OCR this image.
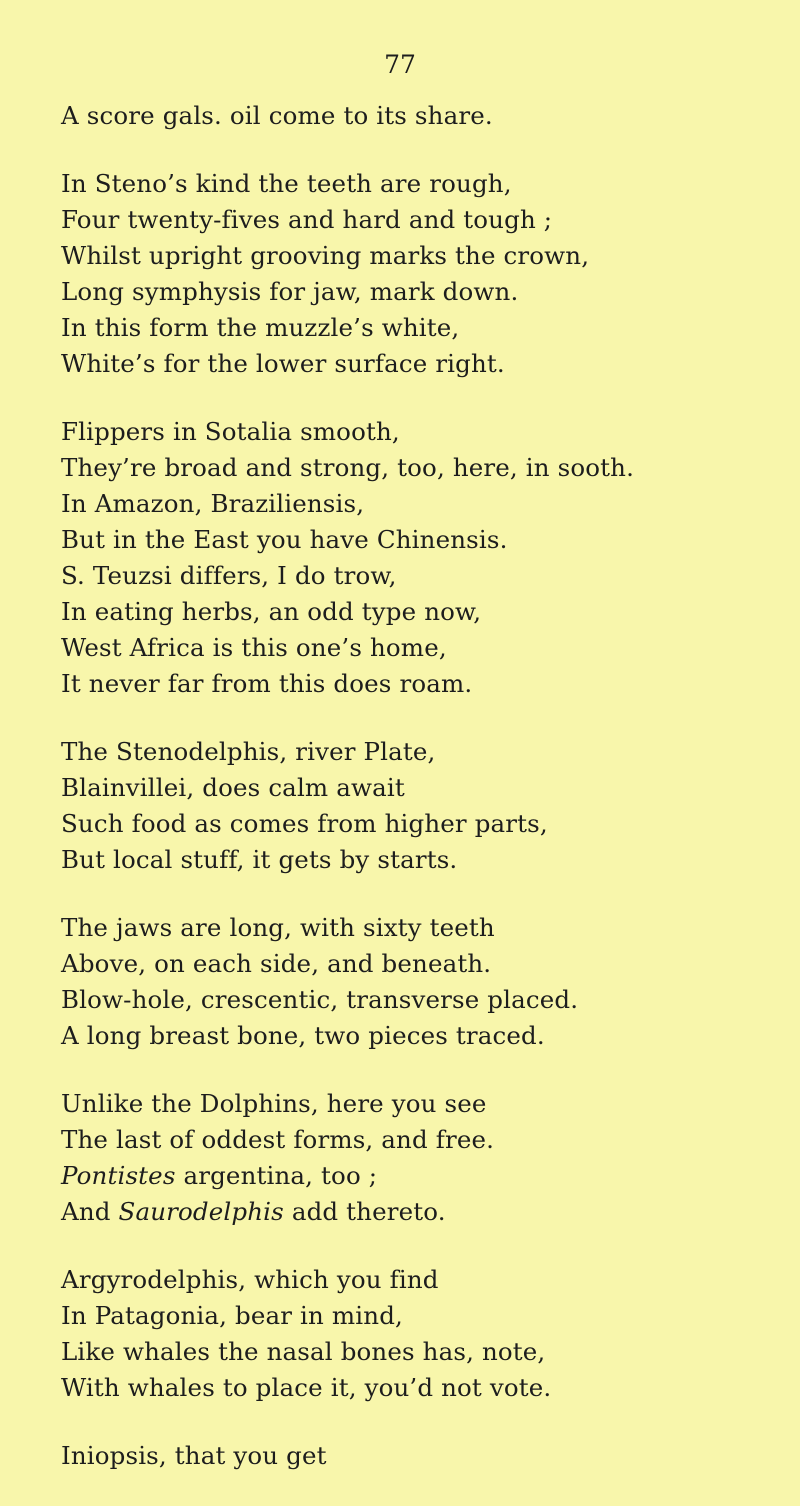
77
A score gals. oil come to its share.
In Steno’s kind the teeth are rough,
Four twenty-fives and hard and tough ;
Whilst upright grooving marks the crown,
Long symphysis for jaw, mark down.
In this form the muzzle’s white,
White’s for the lower surface right.
Flippers in Sotalia smooth,
They’re broad and strong, too, here, in sooth.
In Amazon, Braziliensis,
But in the East you have Chinensis.
S. Teuzsi differs, I do trow,
In eating herbs, an odd type now,
West Africa is this one’s home,
It never far from this does roam.
The Stenodelphis, river Plate,
Blainvillei, does calm await
Such food as comes from higher parts,
But local stuff, it gets by starts.
The jaws are long, with sixty teeth
Above, on each side, and beneath.
Blow-hole, crescentic, transverse placed.
A long breast bone, two pieces traced.
Unlike the Dolphins, here you see
The last of oddest forms, and free.
Pontistes argentina, too ;
And Saurodelphis add thereto.
Argyrodelphis, which you find
In Patagonia, bear in mind,
Like whales the nasal bones has, note,
With whales to place it, you’d not vote.
Iniopsis, that you get
